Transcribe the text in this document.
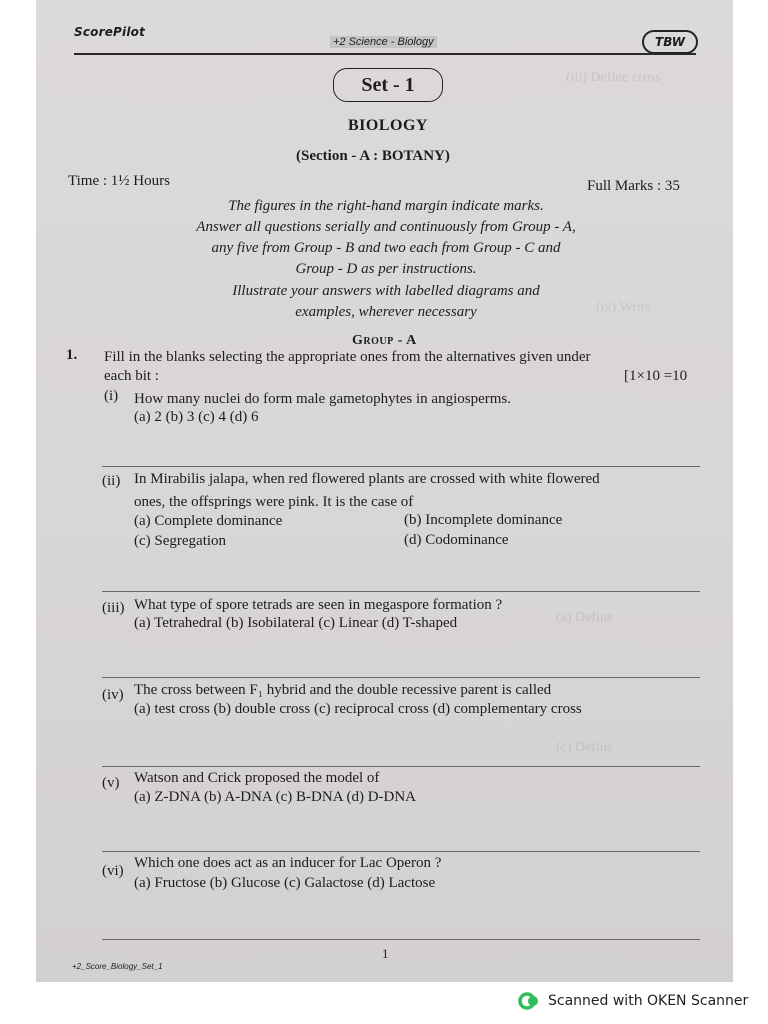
(iii) Define cross
(ix) Write
(a) Define
(c) Define
ScorePilot
+2 Science - Biology	TBW
Set - 1
BIOLOGY
(Section - A : BOTANY)
Time : 1½ Hours	Full Marks : 35
The figures in the right-hand margin indicate marks.
Answer all questions serially and continuously from Group - A,
any five from Group - B and two each from Group - C and
Group - D as per instructions.
Illustrate your answers with labelled diagrams and
examples, wherever necessary
Group - A
1. Fill in the blanks selecting the appropriate ones from the alternatives given under
each bit :	[1×10 =10
(i) How many nuclei do form male gametophytes in angiosperms.
(a) 2 (b) 3 (c) 4 (d) 6
(ii) In Mirabilis jalapa, when red flowered plants are crossed with white flowered
ones, the offsprings were pink. It is the case of
(a) Complete dominance	(b) Incomplete dominance
(c) Segregation	(d) Codominance
(iii) What type of spore tetrads are seen in megaspore formation ?
(a) Tetrahedral (b) Isobilateral (c) Linear (d) T-shaped
(iv) The cross between F₁ hybrid and the double recessive parent is called
(a) test cross (b) double cross (c) reciprocal cross (d) complementary cross
(v) Watson and Crick proposed the model of
(a) Z-DNA (b) A-DNA (c) B-DNA (d) D-DNA
(vi) Which one does act as an inducer for Lac Operon ?
(a) Fructose (b) Glucose (c) Galactose (d) Lactose
1
+2_Score_Biology_Set_1
Scanned with OKEN Scanner
